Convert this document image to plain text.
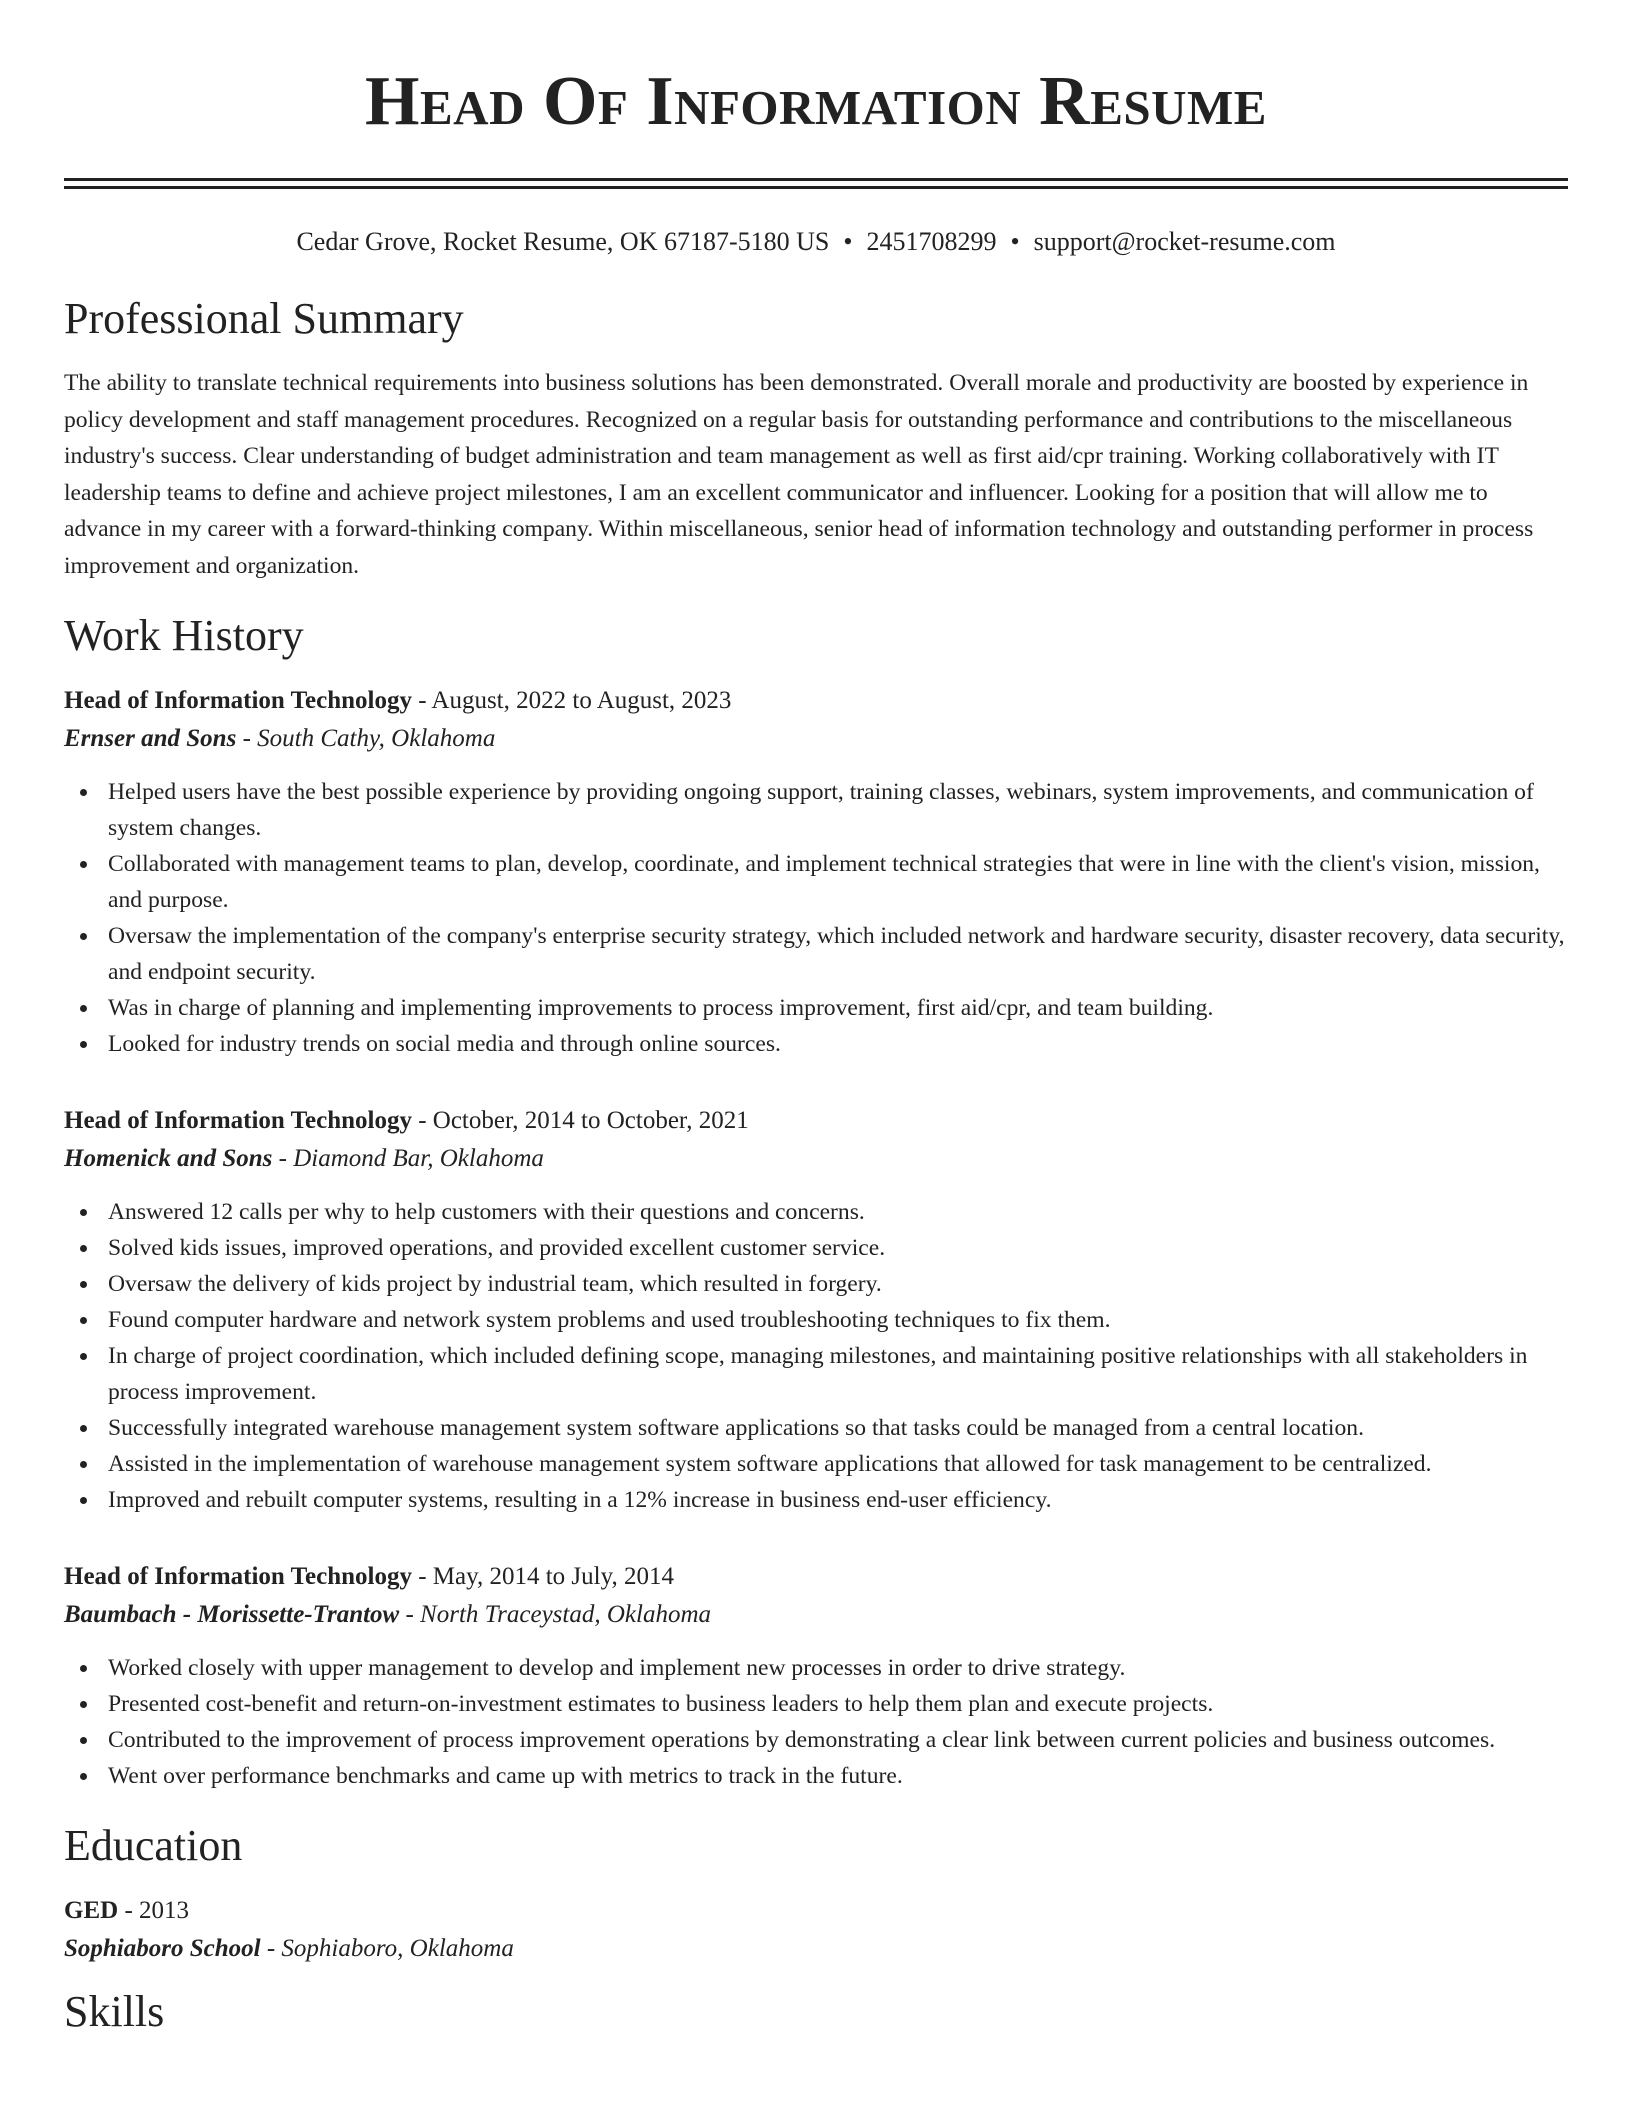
Head Of Information Resume
Cedar Grove, Rocket Resume, OK 67187-5180 US • 2451708299 • support@rocket-resume.com
Professional Summary

The ability to translate technical requirements into business solutions has been demonstrated. Overall morale and productivity are boosted by experience in policy development and staff management procedures. Recognized on a regular basis for outstanding performance and contributions to the miscellaneous industry's success. Clear understanding of budget administration and team management as well as first aid/cpr training. Working collaboratively with IT leadership teams to define and achieve project milestones, I am an excellent communicator and influencer. Looking for a position that will allow me to advance in my career with a forward-thinking company. Within miscellaneous, senior head of information technology and outstanding performer in process improvement and organization.

Work History
Head of Information Technology - August, 2022 to August, 2023
Ernser and Sons - South Cathy, Oklahoma
Helped users have the best possible experience by providing ongoing support, training classes, webinars, system improvements, and communication of system changes.
Collaborated with management teams to plan, develop, coordinate, and implement technical strategies that were in line with the client's vision, mission, and purpose.
Oversaw the implementation of the company's enterprise security strategy, which included network and hardware security, disaster recovery, data security, and endpoint security.
Was in charge of planning and implementing improvements to process improvement, first aid/cpr, and team building.
Looked for industry trends on social media and through online sources.
Head of Information Technology - October, 2014 to October, 2021
Homenick and Sons - Diamond Bar, Oklahoma
Answered 12 calls per why to help customers with their questions and concerns.
Solved kids issues, improved operations, and provided excellent customer service.
Oversaw the delivery of kids project by industrial team, which resulted in forgery.
Found computer hardware and network system problems and used troubleshooting techniques to fix them.
In charge of project coordination, which included defining scope, managing milestones, and maintaining positive relationships with all stakeholders in process improvement.
Successfully integrated warehouse management system software applications so that tasks could be managed from a central location.
Assisted in the implementation of warehouse management system software applications that allowed for task management to be centralized.
Improved and rebuilt computer systems, resulting in a 12% increase in business end-user efficiency.
Head of Information Technology - May, 2014 to July, 2014
Baumbach - Morissette-Trantow - North Traceystad, Oklahoma
Worked closely with upper management to develop and implement new processes in order to drive strategy.
Presented cost-benefit and return-on-investment estimates to business leaders to help them plan and execute projects.
Contributed to the improvement of process improvement operations by demonstrating a clear link between current policies and business outcomes.
Went over performance benchmarks and came up with metrics to track in the future.
Education
GED - 2013
Sophiaboro School - Sophiaboro, Oklahoma
Skills
